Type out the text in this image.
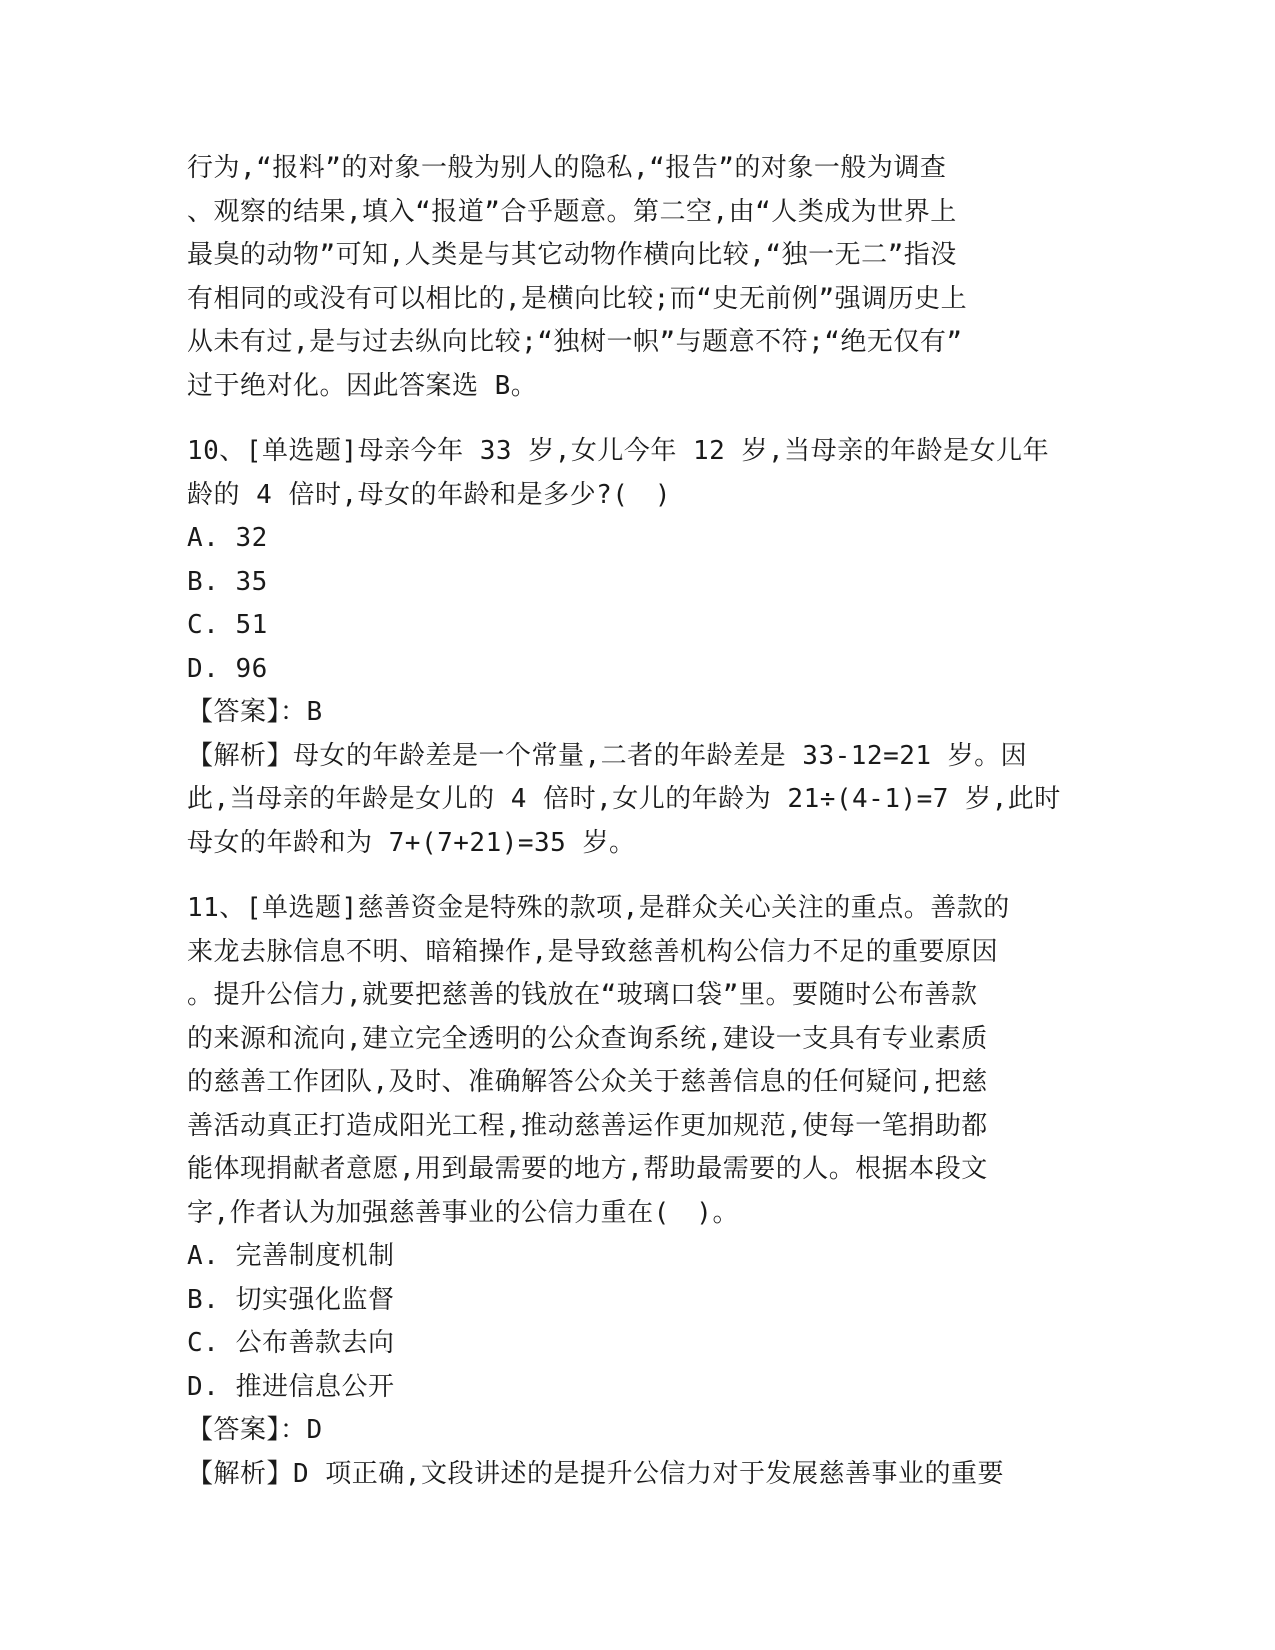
行为,“报料”的对象一般为别人的隐私,“报告”的对象一般为调查
、观察的结果,填入“报道”合乎题意。第二空,由“人类成为世界上
最臭的动物”可知,人类是与其它动物作横向比较,“独一无二”指没
有相同的或没有可以相比的,是横向比较;而“史无前例”强调历史上
从未有过,是与过去纵向比较;“独树一帜”与题意不符;“绝无仅有”
过于绝对化。因此答案选 B。
10、[单选题]母亲今年 33 岁,女儿今年 12 岁,当母亲的年龄是女儿年
龄的 4 倍时,母女的年龄和是多少?(　)
A. 32
B. 35
C. 51
D. 96
【答案】：B
【解析】母女的年龄差是一个常量,二者的年龄差是 33-12=21 岁。因
此,当母亲的年龄是女儿的 4 倍时,女儿的年龄为 21÷(4-1)=7 岁,此时
母女的年龄和为 7+(7+21)=35 岁。
11、[单选题]慈善资金是特殊的款项,是群众关心关注的重点。善款的
来龙去脉信息不明、暗箱操作,是导致慈善机构公信力不足的重要原因
。提升公信力,就要把慈善的钱放在“玻璃口袋”里。要随时公布善款
的来源和流向,建立完全透明的公众查询系统,建设一支具有专业素质
的慈善工作团队,及时、准确解答公众关于慈善信息的任何疑问,把慈
善活动真正打造成阳光工程,推动慈善运作更加规范,使每一笔捐助都
能体现捐献者意愿,用到最需要的地方,帮助最需要的人。根据本段文
字,作者认为加强慈善事业的公信力重在(　)。
A. 完善制度机制
B. 切实强化监督
C. 公布善款去向
D. 推进信息公开
【答案】：D
【解析】D 项正确,文段讲述的是提升公信力对于发展慈善事业的重要
